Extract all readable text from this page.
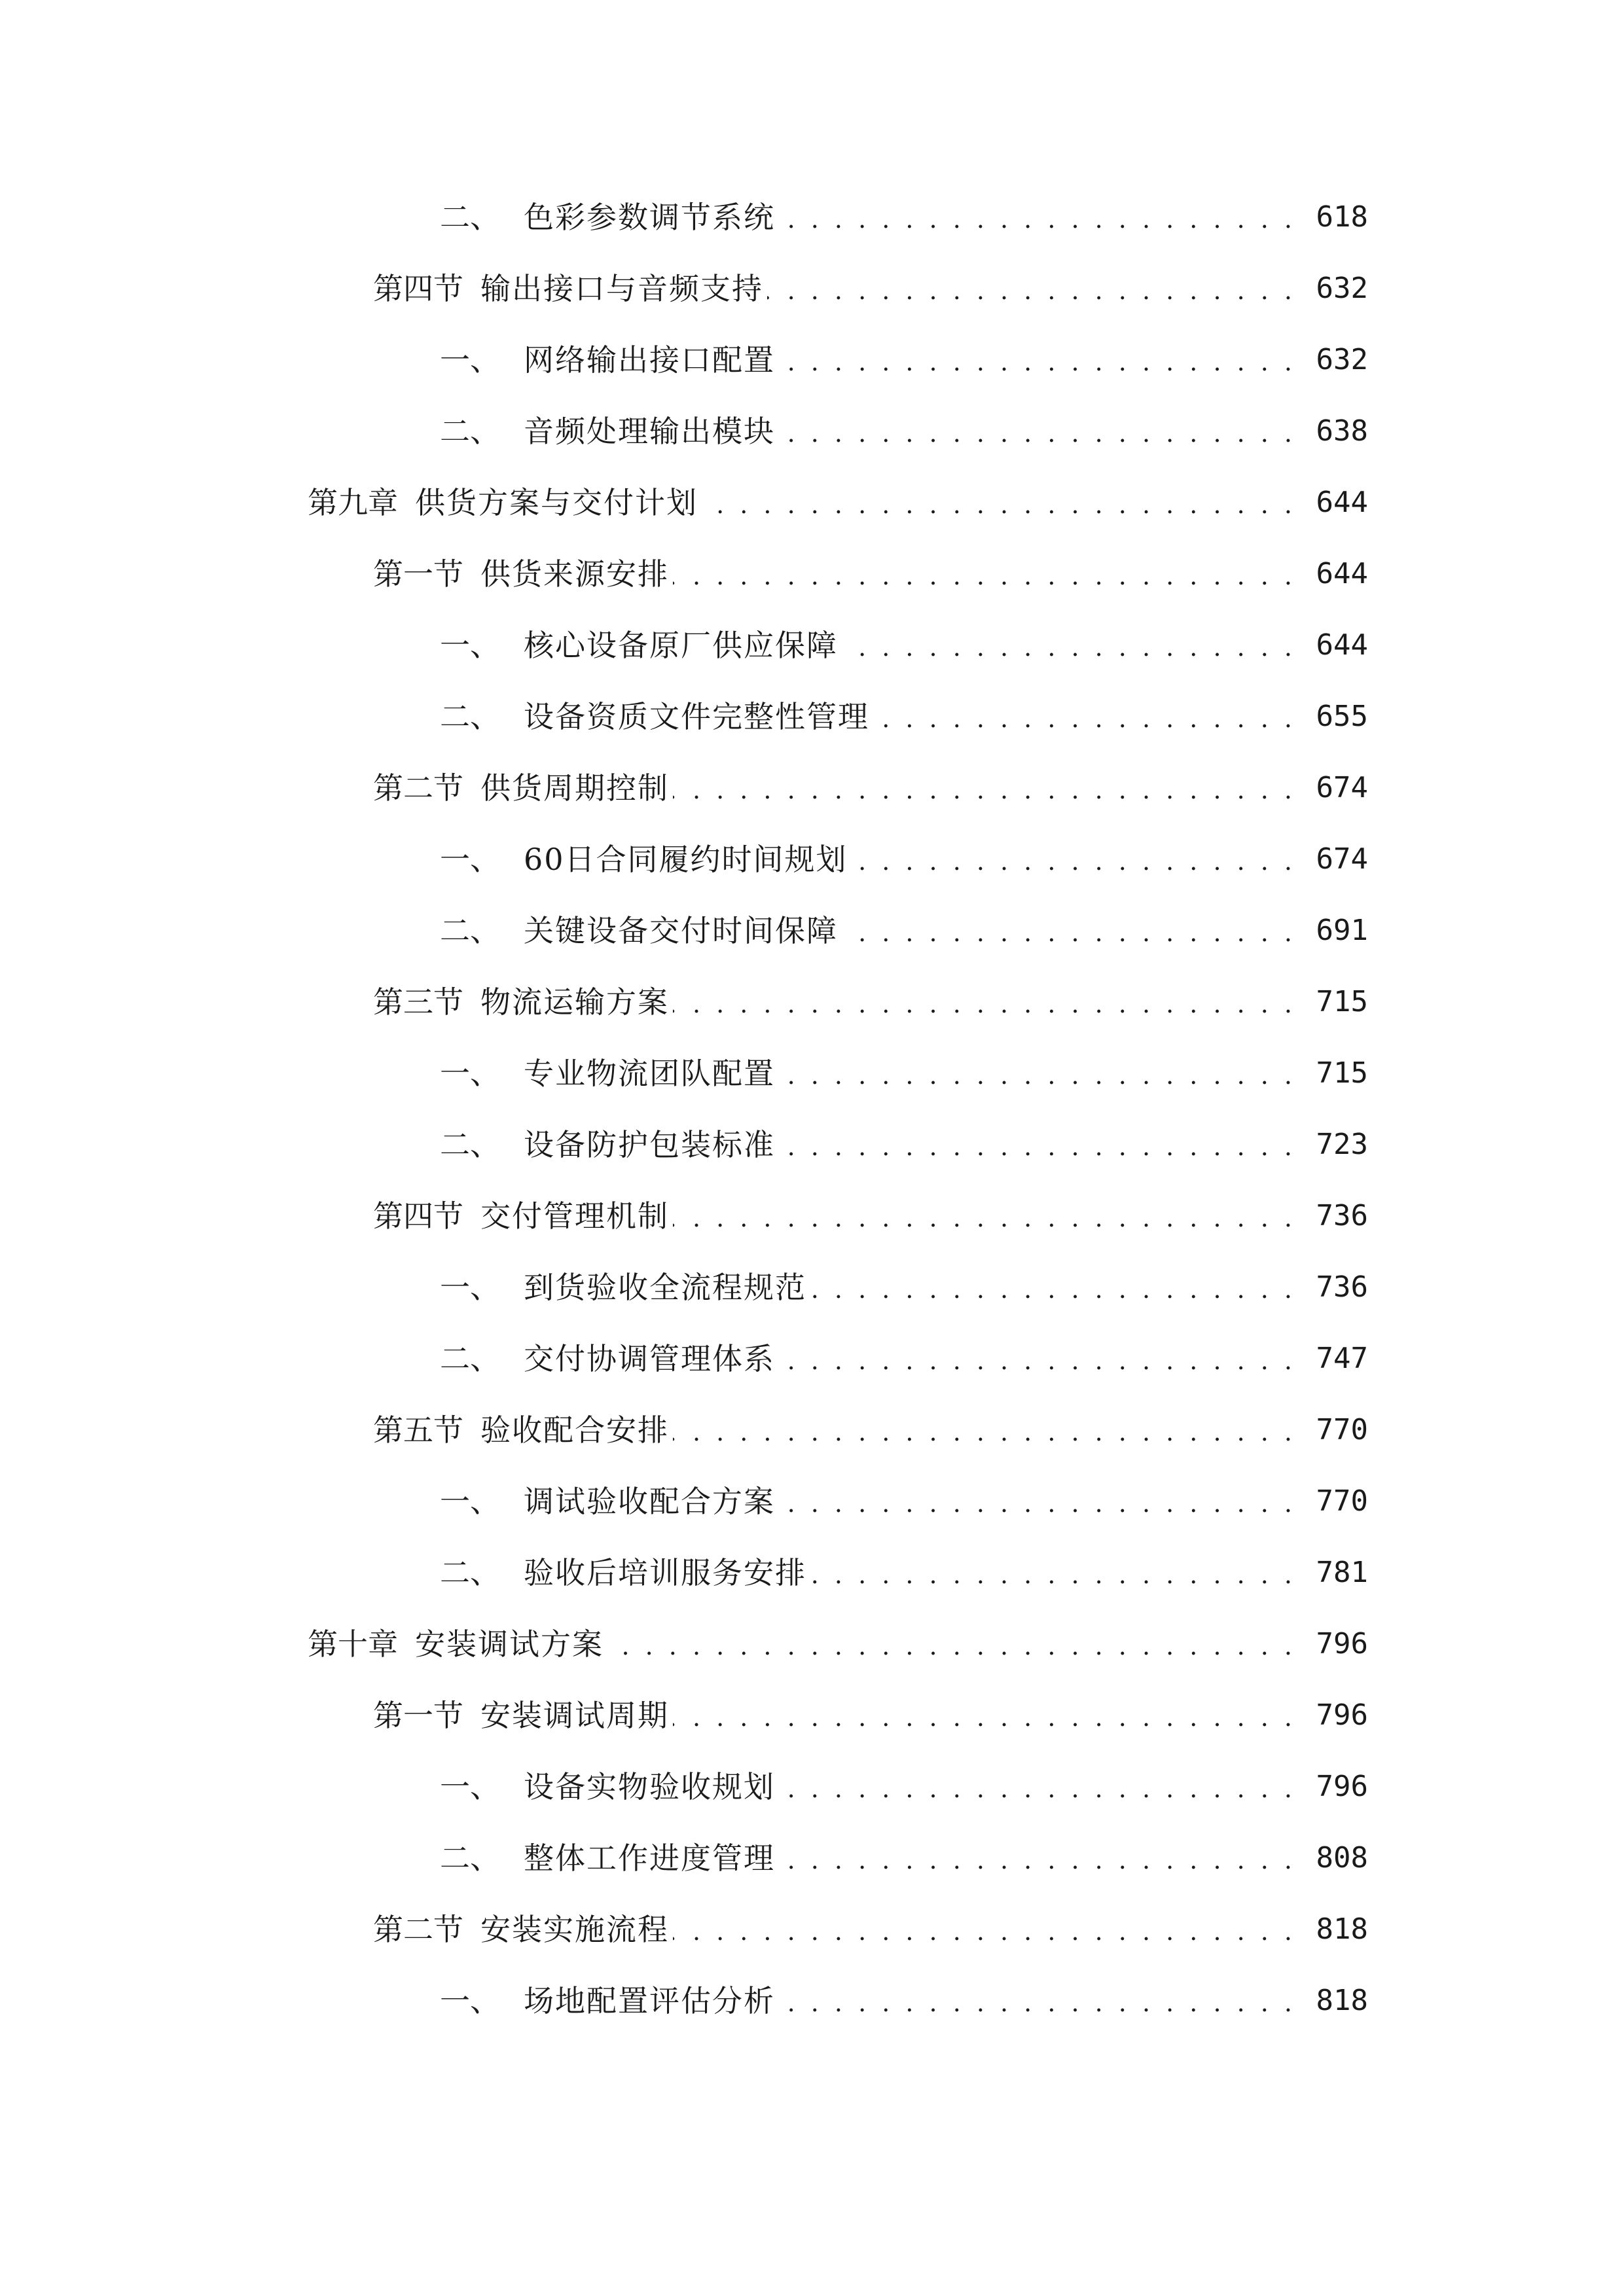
二、 色彩参数调节系统 . . .	618
第四节 输出接口与音频支持 . . .	632
一、 网络输出接口配置 . . .	632
二、 音频处理输出模块 . . .	638
第九章 供货方案与交付计划 . . .	644
第一节 供货来源安排 . . .	644
一、 核心设备原厂供应保障 . . .	644
二、 设备资质文件完整性管理 . . .	655
第二节 供货周期控制 . . .	674
一、 60日合同履约时间规划 . . .	674
二、 关键设备交付时间保障 . . .	691
第三节 物流运输方案 . . .	715
一、 专业物流团队配置 . . .	715
二、 设备防护包装标准 . . .	723
第四节 交付管理机制 . . .	736
一、 到货验收全流程规范 . . .	736
二、 交付协调管理体系 . . .	747
第五节 验收配合安排 . . .	770
一、 调试验收配合方案 . . .	770
二、 验收后培训服务安排 . . .	781
第十章 安装调试方案 . . .	796
第一节 安装调试周期 . . .	796
一、 设备实物验收规划 . . .	796
二、 整体工作进度管理 . . .	808
第二节 安装实施流程 . . .	818
一、 场地配置评估分析 . . .	818
